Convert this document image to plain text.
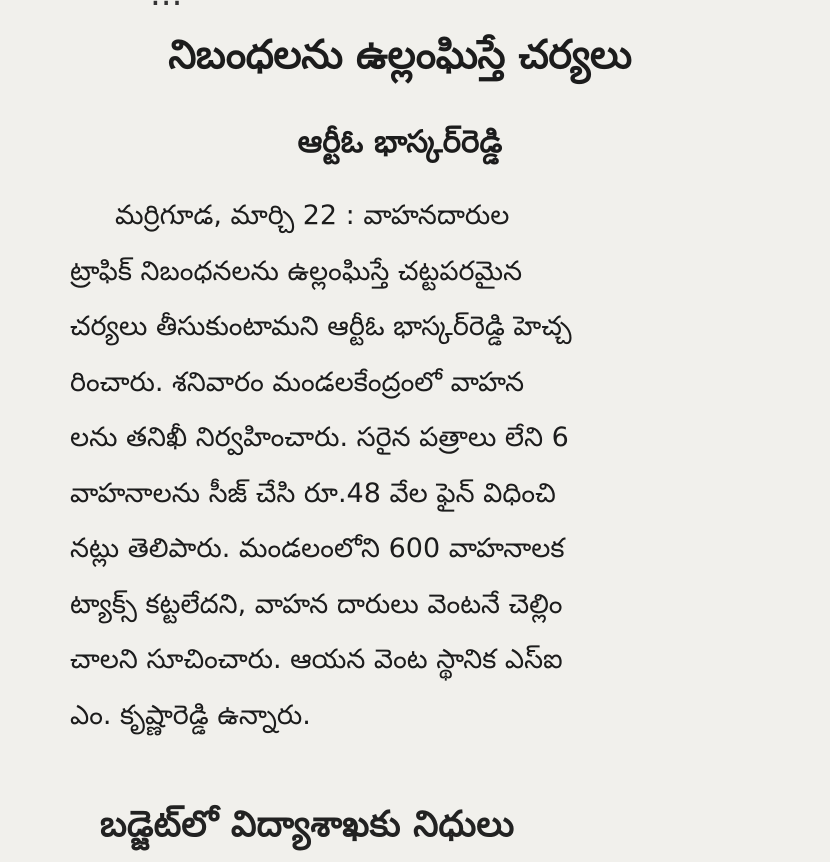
నిబంధలను ఉల్లంఘిస్తే చర్యలు
ఆర్టీఓ భాస్కర్‌రెడ్డి
మర్రిగూడ, మార్చి 22 : వాహనదారుల
ట్రాఫిక్ నిబంధనలను ఉల్లంఘిస్తే చట్టపరమైన
చర్యలు తీసుకుంటామని ఆర్టీఓ భాస్కర్‌రెడ్డి హెచ్చ
రించారు. శనివారం మండలకేంద్రంలో వాహన
లను తనిఖీ నిర్వహించారు. సరైన పత్రాలు లేని 6
వాహనాలను సీజ్ చేసి రూ.48 వేల ఫైన్ విధించి
నట్లు తెలిపారు. మండలంలోని 600 వాహనాలక
ట్యాక్స్ కట్టలేదని, వాహన దారులు వెంటనే చెల్లిం
చాలని సూచించారు. ఆయన వెంట స్థానిక ఎస్ఐ
ఎం. కృష్ణారెడ్డి ఉన్నారు.
బడ్జెట్‌లో విద్యాశాఖకు నిధులు
